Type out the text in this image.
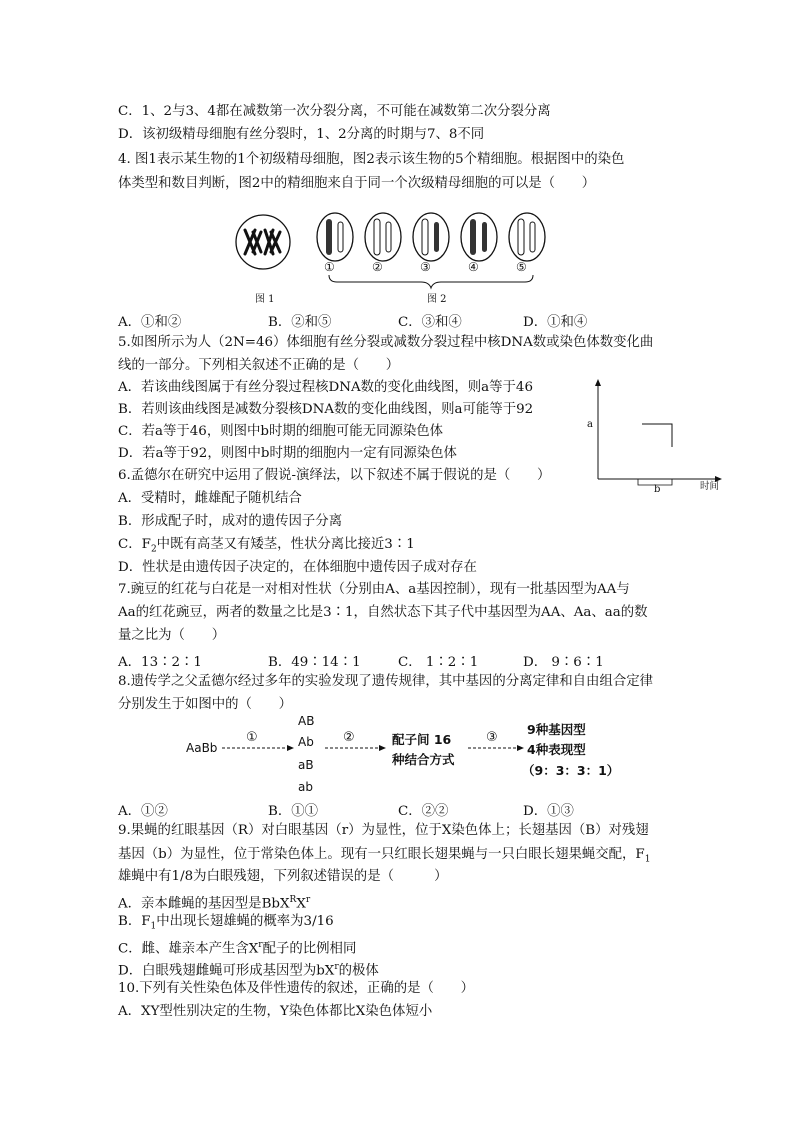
C．1、2与3、4都在减数第一次分裂分离，不可能在减数第二次分裂分离
D．该初级精母细胞有丝分裂时，1、2分离的时期与7、8不同
4. 图1表示某生物的1个初级精母细胞，图2表示该生物的5个精细胞。根据图中的染色
体类型和数目判断，图2中的精细胞来自于同一个次级精母细胞的可以是（　　）
①	②	③	④	⑤
图 1	图 2
A．①和②	B．②和⑤	C．③和④	D．①和④
5.如图所示为人（2N=46）体细胞有丝分裂或减数分裂过程中核DNA数或染色体数变化曲
线的一部分。下列相关叙述不正确的是（　　）
A．若该曲线图属于有丝分裂过程核DNA数的变化曲线图，则a等于46
B．若则该曲线图是减数分裂核DNA数的变化曲线图，则a可能等于92
C．若a等于46，则图中b时期的细胞可能无同源染色体
D．若a等于92，则图中b时期的细胞内一定有同源染色体
a
b	时间
6.孟德尔在研究中运用了假说-演绎法，以下叙述不属于假说的是（　　）
A．受精时，雌雄配子随机结合
B．形成配子时，成对的遗传因子分离
C．$F_2$中既有高茎又有矮茎，性状分离比接近3∶1
D．性状是由遗传因子决定的，在体细胞中遗传因子成对存在
7.豌豆的红花与白花是一对相对性状（分别由A、a基因控制），现有一批基因型为AA与
Aa的红花豌豆，两者的数量之比是3∶1，自然状态下其子代中基因型为AA、Aa、aa的数
量之比为（　　）
A．13∶2∶1	B．49∶14∶1	C． 1∶2∶1	D． 9∶6∶1
8.遗传学之父孟德尔经过多年的实验发现了遗传规律，其中基因的分离定律和自由组合定律
分别发生于如图中的（　　）
AaBb
①	②	③
AB
Ab
aB
ab
配子间 16
种结合方式
9种基因型
4种表现型
（9：3：3：1）
A．①②	B．①①	C．②②	D．①③
9.果蝇的红眼基因（R）对白眼基因（r）为显性，位于X染色体上；长翅基因（B）对残翅
基因（b）为显性，位于常染色体上。现有一只红眼长翅果蝇与一只白眼长翅果蝇交配，$F_1$
雄蝇中有1/8为白眼残翅，下列叙述错误的是（　　　）
A．亲本雌蝇的基因型是$BbX^RX^r$
B．$F_1$中出现长翅雄蝇的概率为3/16
C．雌、雄亲本产生含$X^r$配子的比例相同
D．白眼残翅雌蝇可形成基因型为$bX^r$的极体
10.下列有关性染色体及伴性遗传的叙述，正确的是（　　）
A．XY型性别决定的生物，Y染色体都比X染色体短小
